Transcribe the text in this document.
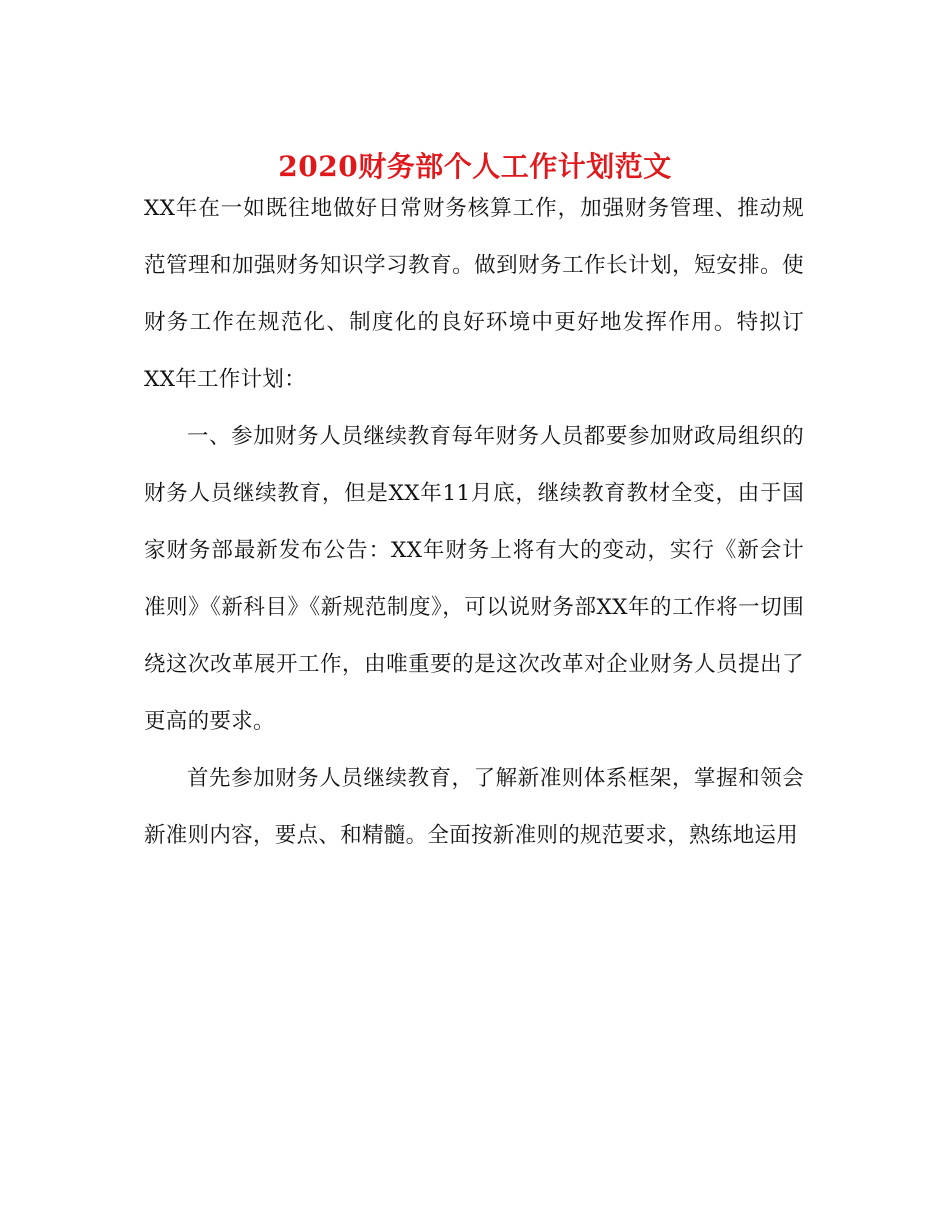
2020财务部个人工作计划范文

XX年在一如既往地做好日常财务核算工作，加强财务管理、推动规范管理和加强财务知识学习教育。做到财务工作长计划，短安排。使财务工作在规范化、制度化的良好环境中更好地发挥作用。特拟订XX年工作计划：

一、参加财务人员继续教育每年财务人员都要参加财政局组织的财务人员继续教育，但是XX年11月底，继续教育教材全变，由于国家财务部最新发布公告：XX年财务上将有大的变动，实行《新会计准则》《新科目》《新规范制度》，可以说财务部XX年的工作将一切围绕这次改革展开工作，由唯重要的是这次改革对企业财务人员提出了更高的要求。

首先参加财务人员继续教育，了解新准则体系框架，掌握和领会新准则内容，要点、和精髓。全面按新准则的规范要求，熟练地运用
